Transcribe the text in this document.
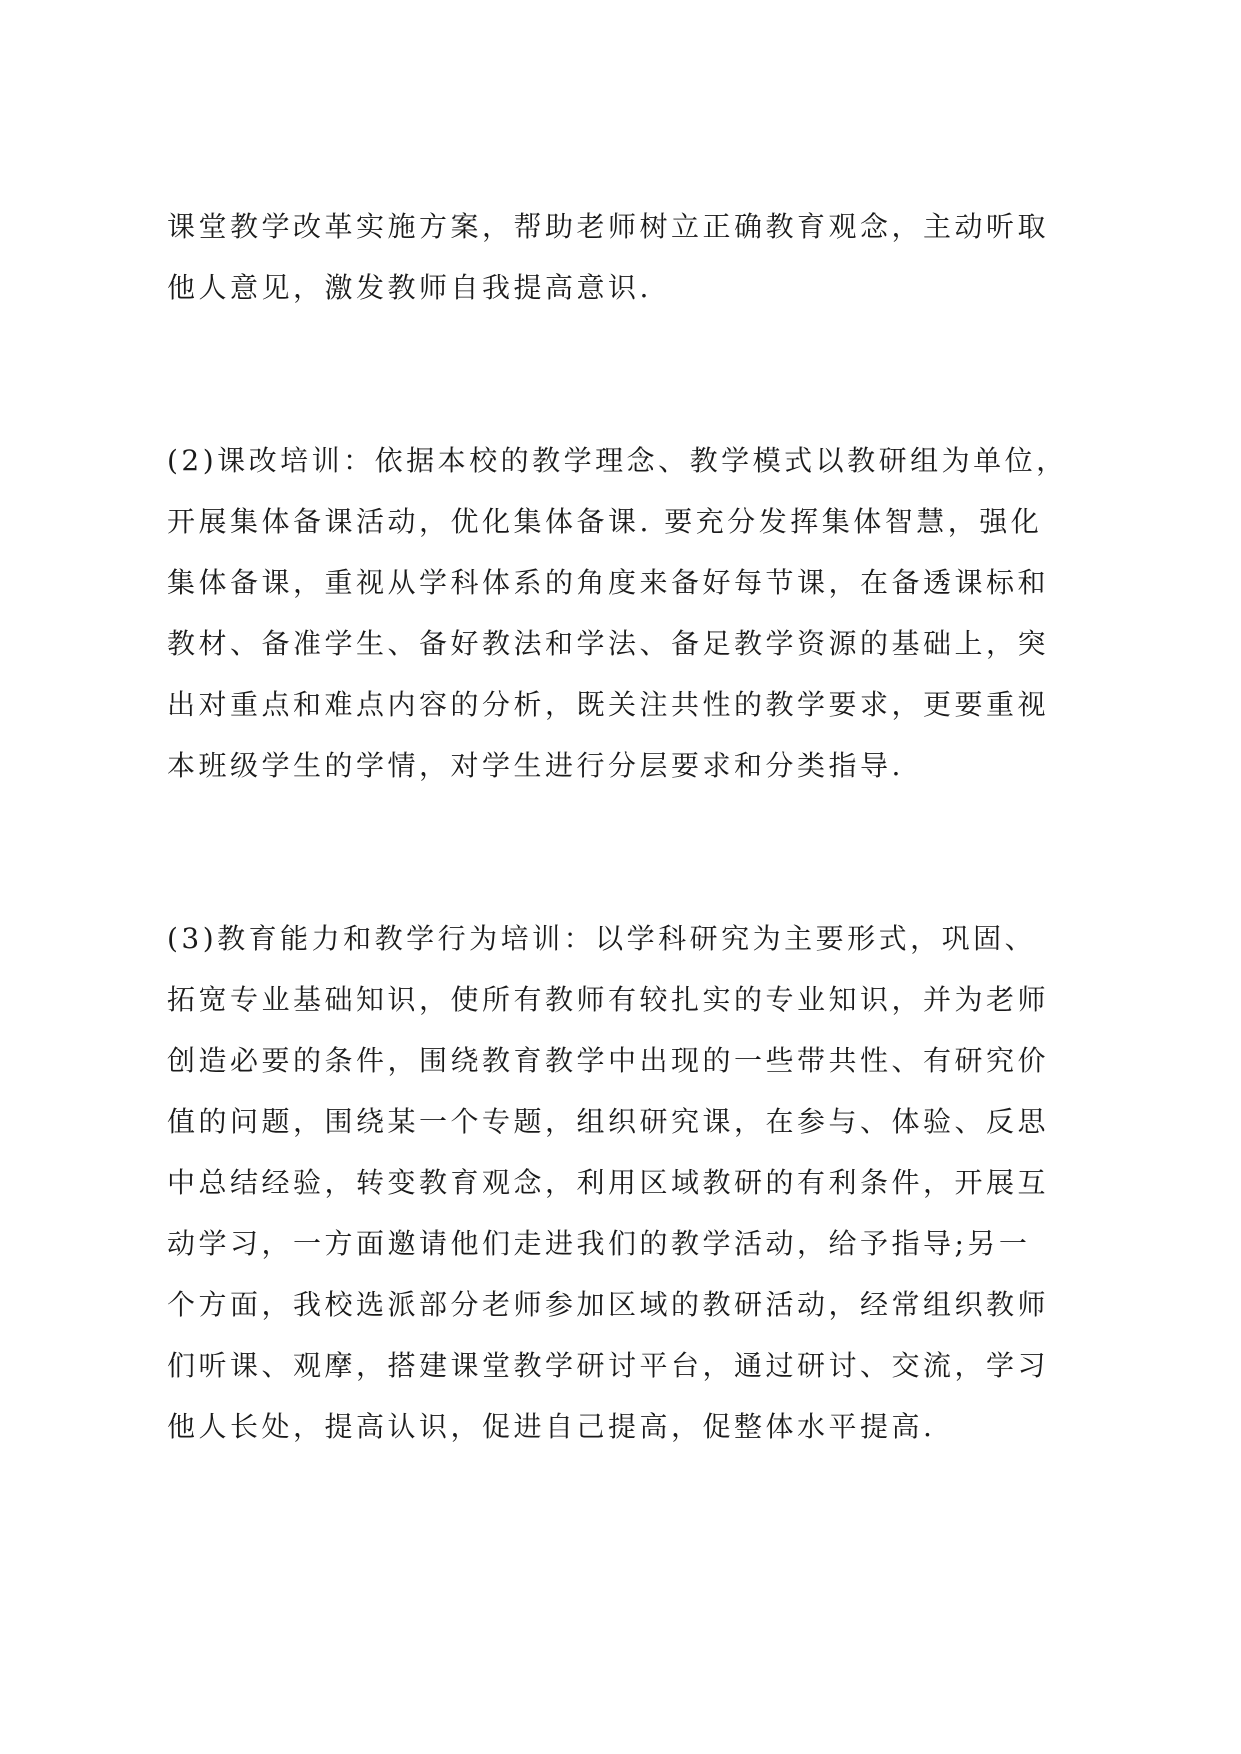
课堂教学改革实施方案，帮助老师树立正确教育观念，主动听取
他人意见，激发教师自我提高意识.
(2)课改培训：依据本校的教学理念、教学模式以教研组为单位，
开展集体备课活动，优化集体备课. 要充分发挥集体智慧，强化
集体备课，重视从学科体系的角度来备好每节课，在备透课标和
教材、备准学生、备好教法和学法、备足教学资源的基础上，突
出对重点和难点内容的分析，既关注共性的教学要求，更要重视
本班级学生的学情，对学生进行分层要求和分类指导.
(3)教育能力和教学行为培训：以学科研究为主要形式，巩固、
拓宽专业基础知识，使所有教师有较扎实的专业知识，并为老师
创造必要的条件，围绕教育教学中出现的一些带共性、有研究价
值的问题，围绕某一个专题，组织研究课，在参与、体验、反思
中总结经验，转变教育观念，利用区域教研的有利条件，开展互
动学习，一方面邀请他们走进我们的教学活动，给予指导;另一
个方面，我校选派部分老师参加区域的教研活动，经常组织教师
们听课、观摩，搭建课堂教学研讨平台，通过研讨、交流，学习
他人长处，提高认识，促进自己提高，促整体水平提高.
